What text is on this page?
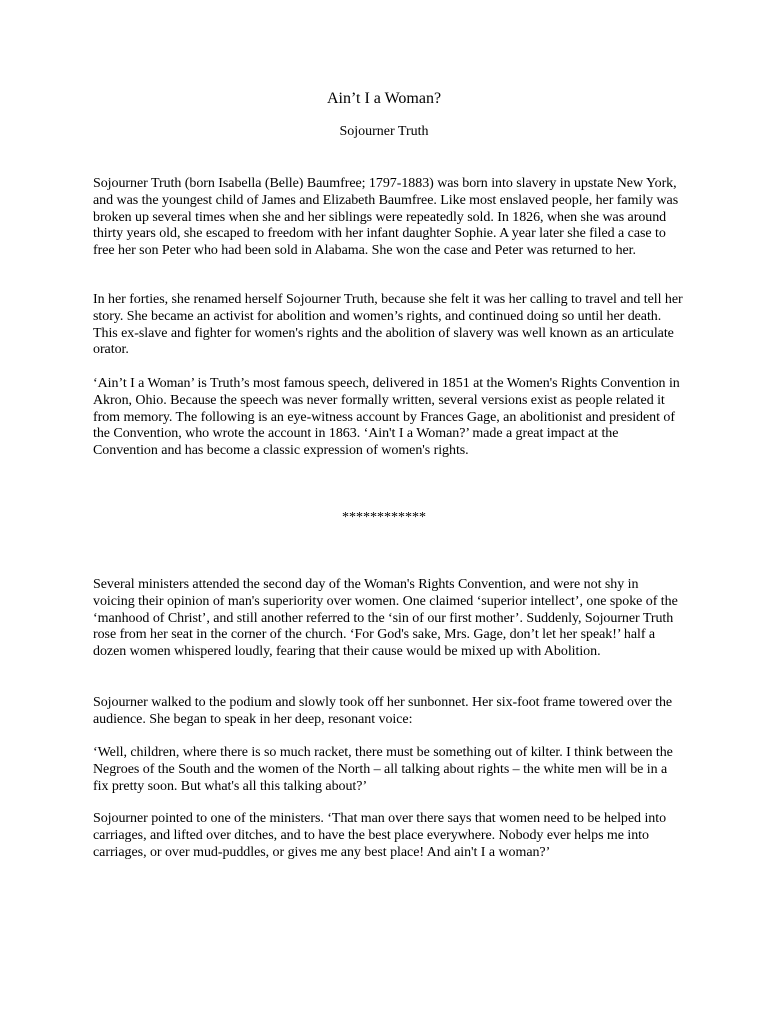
Ain’t I a Woman?

Sojourner Truth

Sojourner Truth (born Isabella (Belle) Baumfree; 1797-1883) was born into slavery in upstate New York, and was the youngest child of James and Elizabeth Baumfree. Like most enslaved people, her family was broken up several times when she and her siblings were repeatedly sold. In 1826, when she was around thirty years old, she escaped to freedom with her infant daughter Sophie. A year later she filed a case to free her son Peter who had been sold in Alabama. She won the case and Peter was returned to her.

In her forties, she renamed herself Sojourner Truth, because she felt it was her calling to travel and tell her story. She became an activist for abolition and women’s rights, and continued doing so until her death. This ex-slave and fighter for women's rights and the abolition of slavery was well known as an articulate orator.

‘Ain’t I a Woman’ is Truth’s most famous speech, delivered in 1851 at the Women's Rights Convention in Akron, Ohio. Because the speech was never formally written, several versions exist as people related it from memory. The following is an eye-witness account by Frances Gage, an abolitionist and president of the Convention, who wrote the account in 1863. ‘Ain't I a Woman?’ made a great impact at the Convention and has become a classic expression of women's rights.

************

Several ministers attended the second day of the Woman's Rights Convention, and were not shy in voicing their opinion of man's superiority over women. One claimed ‘superior intellect’, one spoke of the ‘manhood of Christ’, and still another referred to the ‘sin of our first mother’. Suddenly, Sojourner Truth rose from her seat in the corner of the church. ‘For God's sake, Mrs. Gage, don’t let her speak!’ half a dozen women whispered loudly, fearing that their cause would be mixed up with Abolition.

Sojourner walked to the podium and slowly took off her sunbonnet. Her six-foot frame towered over the audience. She began to speak in her deep, resonant voice:

‘Well, children, where there is so much racket, there must be something out of kilter. I think between the Negroes of the South and the women of the North – all talking about rights – the white men will be in a fix pretty soon. But what's all this talking about?’

Sojourner pointed to one of the ministers. ‘That man over there says that women need to be helped into carriages, and lifted over ditches, and to have the best place everywhere. Nobody ever helps me into carriages, or over mud-puddles, or gives me any best place! And ain't I a woman?’
